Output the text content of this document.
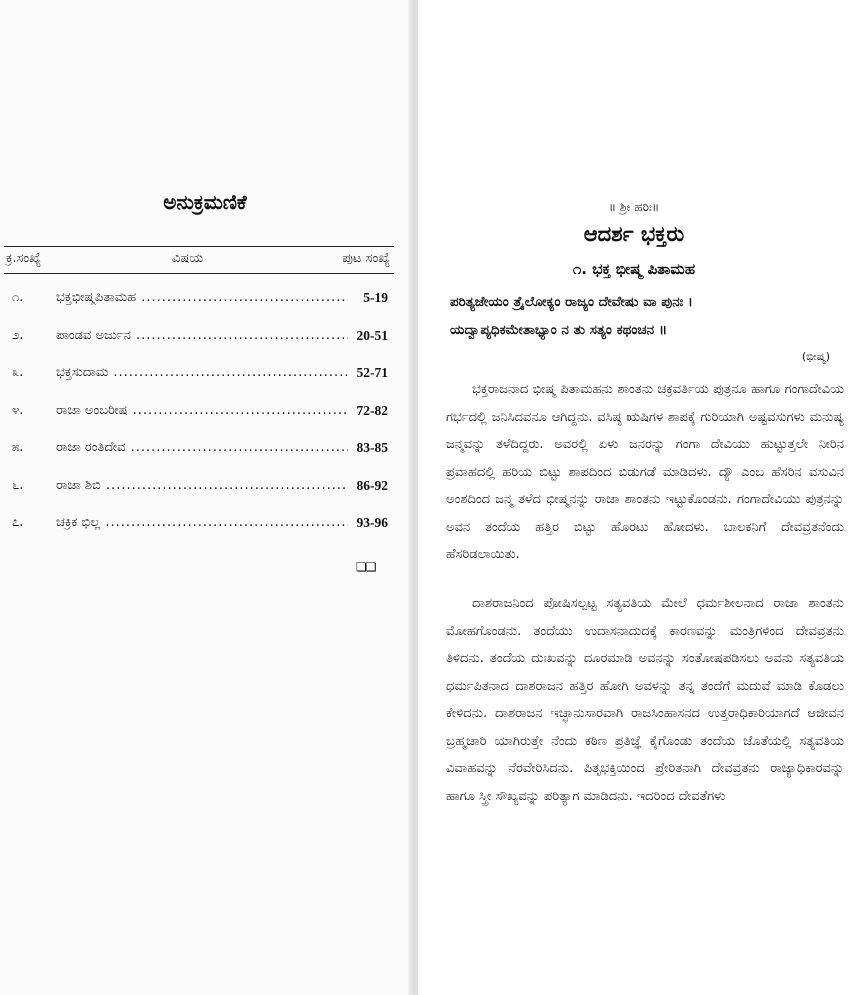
ಅನುಕ್ರಮಣಿಕೆ
ಕ್ರ.ಸಂಖ್ಯೆ	ವಿಷಯ	ಪುಟ ಸಂಖ್ಯೆ
೧.	ಭಕ್ತಭೀಷ್ಮಪಿತಾಮಹ .....	5-19
೨.	ಪಾಂಡವ ಅರ್ಜುನ .....	20-51
೩.	ಭಕ್ತಸುದಾಮ .....	52-71
೪.	ರಾಜಾ ಅಂಬರೀಷ .....	72-82
೫.	ರಾಜಾ ರಂತಿದೇವ .....	83-85
೬.	ರಾಜಾ ಶಿಬಿ .....	86-92
೭.	ಚಕ್ರಿಕ ಭಿಲ್ಲ .....	93-96
❏❏
॥ ಶ್ರೀ ಹರಿಃ॥
ಆದರ್ಶ ಭಕ್ತರು
೧. ಭಕ್ತ ಭೀಷ್ಮ ಪಿತಾಮಹ
ಪರಿತ್ಯಜೇಯಂ ತ್ರೈಲೋಕ್ಯಂ ರಾಜ್ಯಂ ದೇವೇಷು ವಾ ಪುನಃ ।
ಯದ್ವಾಪ್ಯಧಿಕಮೇತಾಭ್ಯಾಂ ನ ತು ಸತ್ಯಂ ಕಥಂಚನ ॥
(ಭೀಷ್ಮ)

ಭಕ್ತರಾಜನಾದ ಭೀಷ್ಮ ಪಿತಾಮಹನು ಶಾಂತನು ಚಕ್ರವರ್ತಿಯ ಪುತ್ರನೂ ಹಾಗೂ ಗಂಗಾದೇವಿಯ ಗರ್ಭದಲ್ಲಿ ಜನಿಸಿದವನೂ ಆಗಿದ್ದನು. ವಸಿಷ್ಠ ಋಷಿಗಳ ಶಾಪಕ್ಕೆ ಗುರಿಯಾಗಿ ಅಷ್ಟವಸುಗಳು ಮನುಷ್ಯ ಜನ್ಮವನ್ನು ತಳೆದಿದ್ದರು. ಅವರಲ್ಲಿ ಏಳು ಜನರನ್ನು ಗಂಗಾ ದೇವಿಯು ಹುಟ್ಟುತ್ತಲೇ ನೀರಿನ ಪ್ರವಾಹದಲ್ಲಿ ಹರಿಯ ಬಿಟ್ಟು ಶಾಪದಿಂದ ಬಿಡುಗಡೆ ಮಾಡಿದಳು. ದ್ಯೌ ಎಂಬ ಹೆಸರಿನ ವಸುವಿನ ಅಂಶದಿಂದ ಜನ್ಮ ತಳೆದ ಭೀಷ್ಮನನ್ನು ರಾಜಾ ಶಾಂತನು ಇಟ್ಟುಕೊಂಡನು. ಗಂಗಾದೇವಿಯು ಪುತ್ರನನ್ನು ಅವನ ತಂದೆಯ ಹತ್ತಿರ ಬಿಟ್ಟು ಹೊರಟು ಹೋದಳು. ಬಾಲಕನಿಗೆ ದೇವವ್ರತನೆಂದು ಹೆಸರಿಡಲಾಯಿತು.

ದಾಶರಾಜನಿಂದ ಪೋಷಿಸಲ್ಪಟ್ಟ ಸತ್ಯವತಿಯ ಮೇಲೆ ಧರ್ಮಶೀಲನಾದ ರಾಜಾ ಶಾಂತನು ಮೋಹಗೊಂಡನು. ತಂದೆಯು ಉದಾಸನಾದುದಕ್ಕೆ ಕಾರಣವನ್ನು ಮಂತ್ರಿಗಳಿಂದ ದೇವವ್ರತನು ತಿಳಿದನು. ತಂದೆಯ ದುಃಖವನ್ನು ದೂರಮಾಡಿ ಅವನನ್ನು ಸಂತೋಷಪಡಿಸಲು ಅವನು ಸತ್ಯವತಿಯ ಧರ್ಮಪಿತನಾದ ದಾಶರಾಜನ ಹತ್ತಿರ ಹೋಗಿ ಅವಳನ್ನು ತನ್ನ ತಂದೆಗೆ ಮದುವೆ ಮಾಡಿ ಕೊಡಲು ಕೇಳಿದನು. ದಾಶರಾಜನ ಇಚ್ಛಾನುಸಾರವಾಗಿ ರಾಜಸಿಂಹಾಸನದ ಉತ್ತರಾಧಿಕಾರಿಯಾಗದೆ ಆಜೀವನ ಬ್ರಹ್ಮಚಾರಿ ಯಾಗಿರುತ್ತೇ ನೆಂದು ಕಠಿಣ ಪ್ರತಿಜ್ಞೆ ಕೈಗೊಂಡು ತಂದೆಯ ಜೊತೆಯಲ್ಲಿ ಸತ್ಯವತಿಯ ವಿವಾಹವನ್ನು ನೆರವೇರಿಸಿದನು. ಪಿತೃಭಕ್ತಿಯಿಂದ ಪ್ರೇರಿತನಾಗಿ ದೇವವ್ರತನು ರಾಜ್ಯಾಧಿಕಾರವನ್ನು ಹಾಗೂ ಸ್ತ್ರೀ ಸೌಖ್ಯವನ್ನು ಪರಿತ್ಯಾಗ ಮಾಡಿದನು. ಇದರಿಂದ ದೇವತೆಗಳು
